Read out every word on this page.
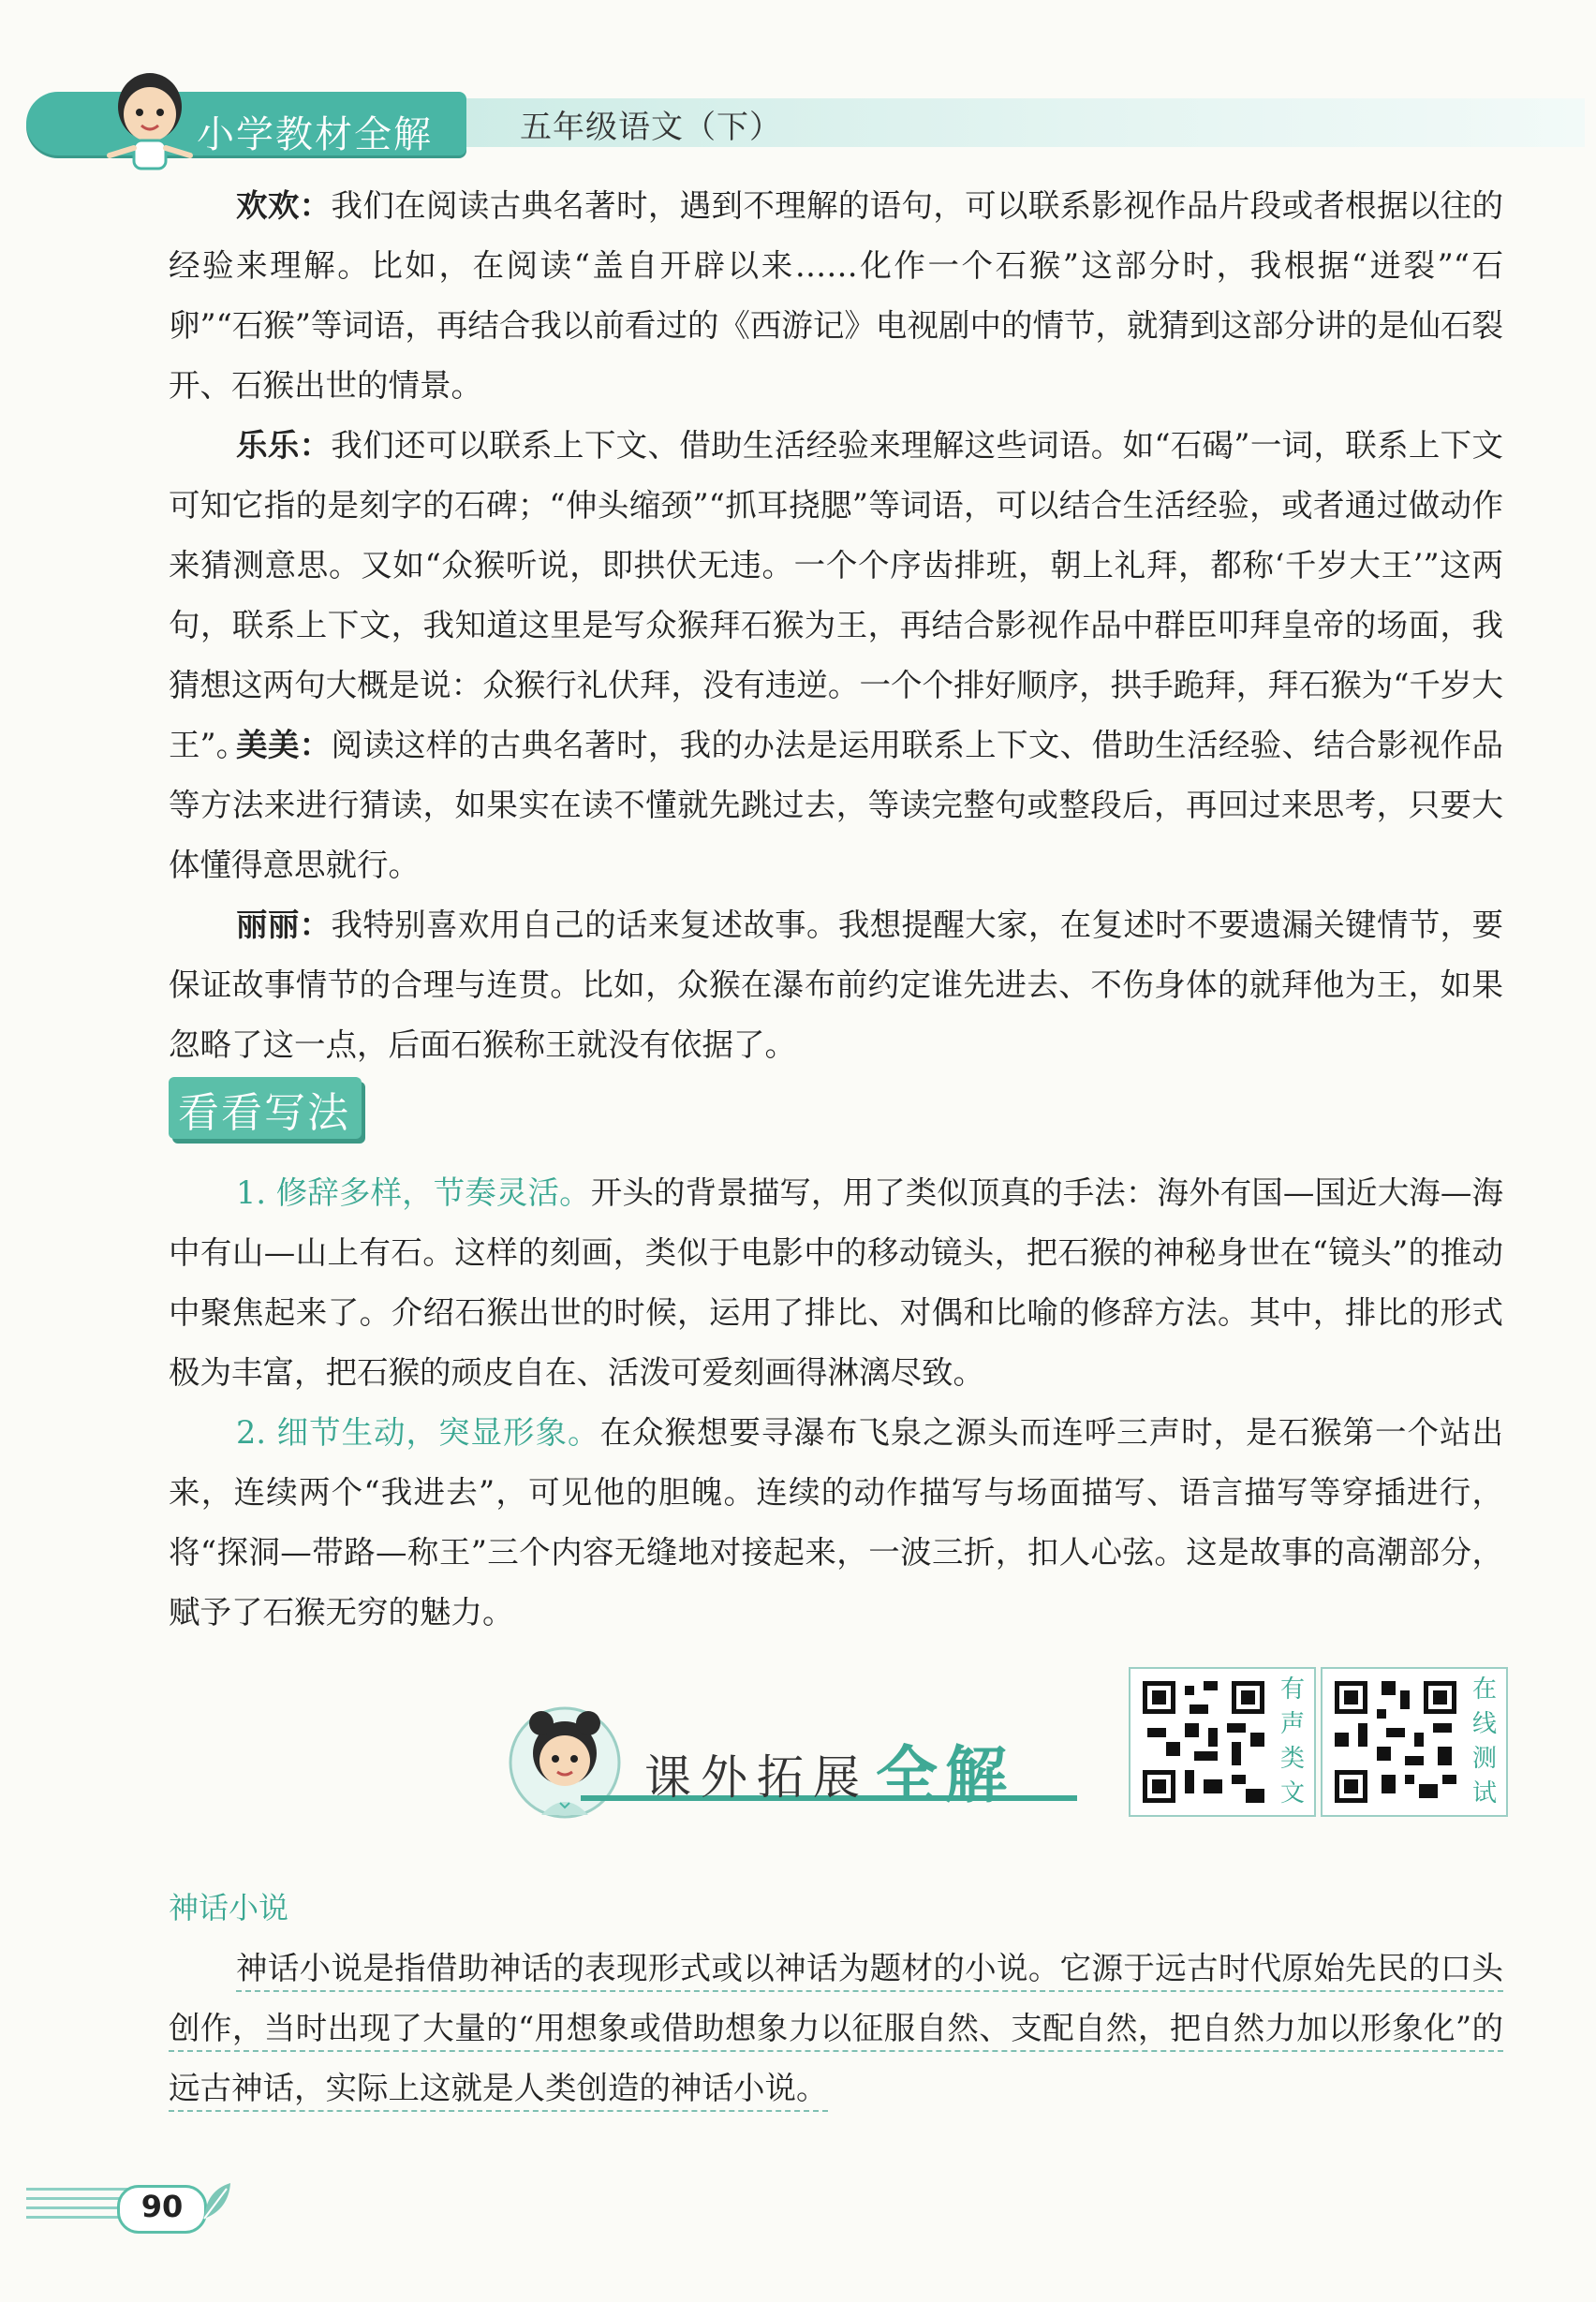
小学教材全解	五年级语文（下）

欢欢：我们在阅读古典名著时，遇到不理解的语句，可以联系影视作品片段或者根据以往的经验来理解。比如，在阅读“盖自开辟以来……化作一个石猴”这部分时，我根据“迸裂”“石卵”“石猴”等词语，再结合我以前看过的《西游记》电视剧中的情节，就猜到这部分讲的是仙石裂开、石猴出世的情景。

乐乐：我们还可以联系上下文、借助生活经验来理解这些词语。如“石碣”一词，联系上下文可知它指的是刻字的石碑；“伸头缩颈”“抓耳挠腮”等词语，可以结合生活经验，或者通过做动作来猜测意思。又如“众猴听说，即拱伏无违。一个个序齿排班，朝上礼拜，都称‘千岁大王’”这两句，联系上下文，我知道这里是写众猴拜石猴为王，再结合影视作品中群臣叩拜皇帝的场面，我猜想这两句大概是说：众猴行礼伏拜，没有违逆。一个个排好顺序，拱手跪拜，拜石猴为“千岁大王”。

美美：阅读这样的古典名著时，我的办法是运用联系上下文、借助生活经验、结合影视作品等方法来进行猜读，如果实在读不懂就先跳过去，等读完整句或整段后，再回过来思考，只要大体懂得意思就行。

丽丽：我特别喜欢用自己的话来复述故事。我想提醒大家，在复述时不要遗漏关键情节，要保证故事情节的合理与连贯。比如，众猴在瀑布前约定谁先进去、不伤身体的就拜他为王，如果忽略了这一点，后面石猴称王就没有依据了。

看看写法

1. 修辞多样，节奏灵活。开头的背景描写，用了类似顶真的手法：海外有国—国近大海—海中有山—山上有石。这样的刻画，类似于电影中的移动镜头，把石猴的神秘身世在“镜头”的推动中聚焦起来了。介绍石猴出世的时候，运用了排比、对偶和比喻的修辞方法。其中，排比的形式极为丰富，把石猴的顽皮自在、活泼可爱刻画得淋漓尽致。

2. 细节生动，突显形象。在众猴想要寻瀑布飞泉之源头而连呼三声时，是石猴第一个站出来，连续两个“我进去”，可见他的胆魄。连续的动作描写与场面描写、语言描写等穿插进行，将“探洞—带路—称王”三个内容无缝地对接起来，一波三折，扣人心弦。这是故事的高潮部分，赋予了石猴无穷的魅力。

课外拓展 全解
有
声
类
文
在
线
测
试
神话小说

神话小说是指借助神话的表现形式或以神话为题材的小说。它源于远古时代原始先民的口头创作，当时出现了大量的“用想象或借助想象力以征服自然、支配自然，把自然力加以形象化”的远古神话，实际上这就是人类创造的神话小说。

90
